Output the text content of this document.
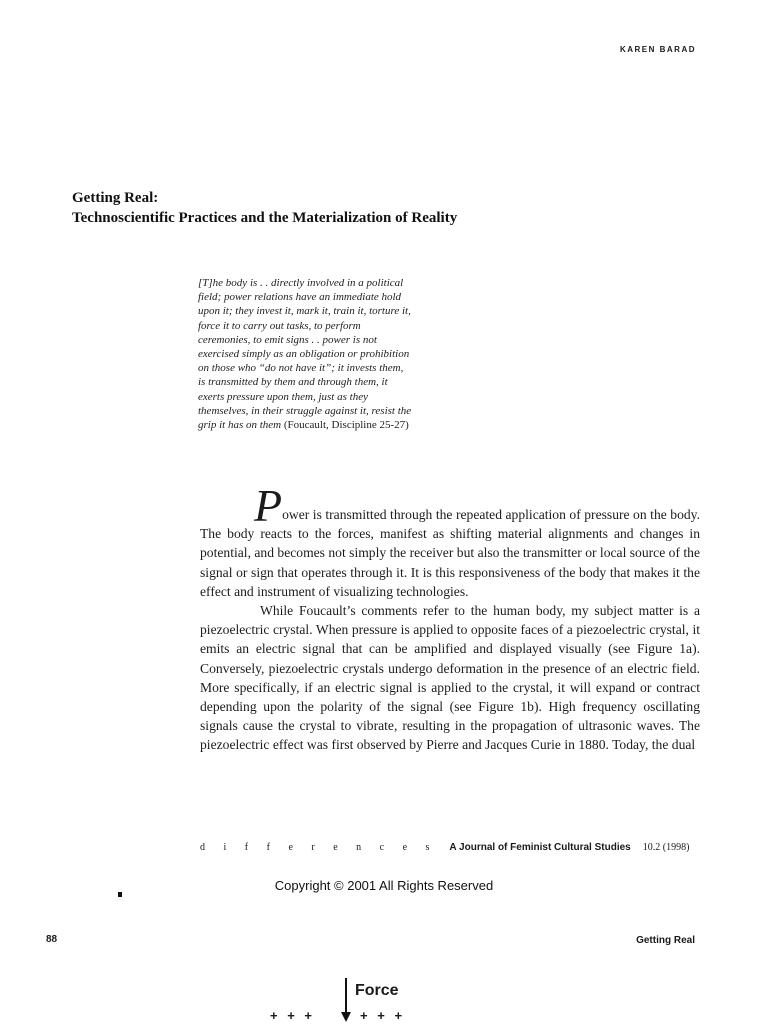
KAREN BARAD
Getting Real:
Technoscientific Practices and the Materialization of Reality
[T]he body is . . directly involved in a political field; power relations have an immediate hold upon it; they invest it, mark it, train it, torture it, force it to carry out tasks, to perform ceremonies, to emit signs . . power is not exercised simply as an obligation or prohibition on those who “do not have it”; it invests them, is transmitted by them and through them, it exerts pressure upon them, just as they themselves, in their struggle against it, resist the grip it has on them (Foucault, Discipline 25-27)

Power is transmitted through the repeated application of pressure on the body. The body reacts to the forces, manifest as shifting material alignments and changes in potential, and becomes not simply the receiver but also the transmitter or local source of the signal or sign that operates through it. It is this responsiveness of the body that makes it the effect and instrument of visualizing technologies.

While Foucault’s comments refer to the human body, my subject matter is a piezoelectric crystal. When pressure is applied to opposite faces of a piezoelectric crystal, it emits an electric signal that can be amplified and displayed visually (see Figure 1a). Conversely, piezoelectric crystals undergo deformation in the presence of an electric field. More specifically, if an electric signal is applied to the crystal, it will expand or contract depending upon the polarity of the signal (see Figure 1b). High frequency oscillating signals cause the crystal to vibrate, resulting in the propagation of ultrasonic waves. The piezoelectric effect was first observed by Pierre and Jacques Curie in 1880. Today, the dual

d i f f e r e n c e s A Journal of Feminist Cultural Studies 10.2 (1998)
Copyright © 2001 All Rights Reserved
88	Getting Real
Force
+ + +     + + +
